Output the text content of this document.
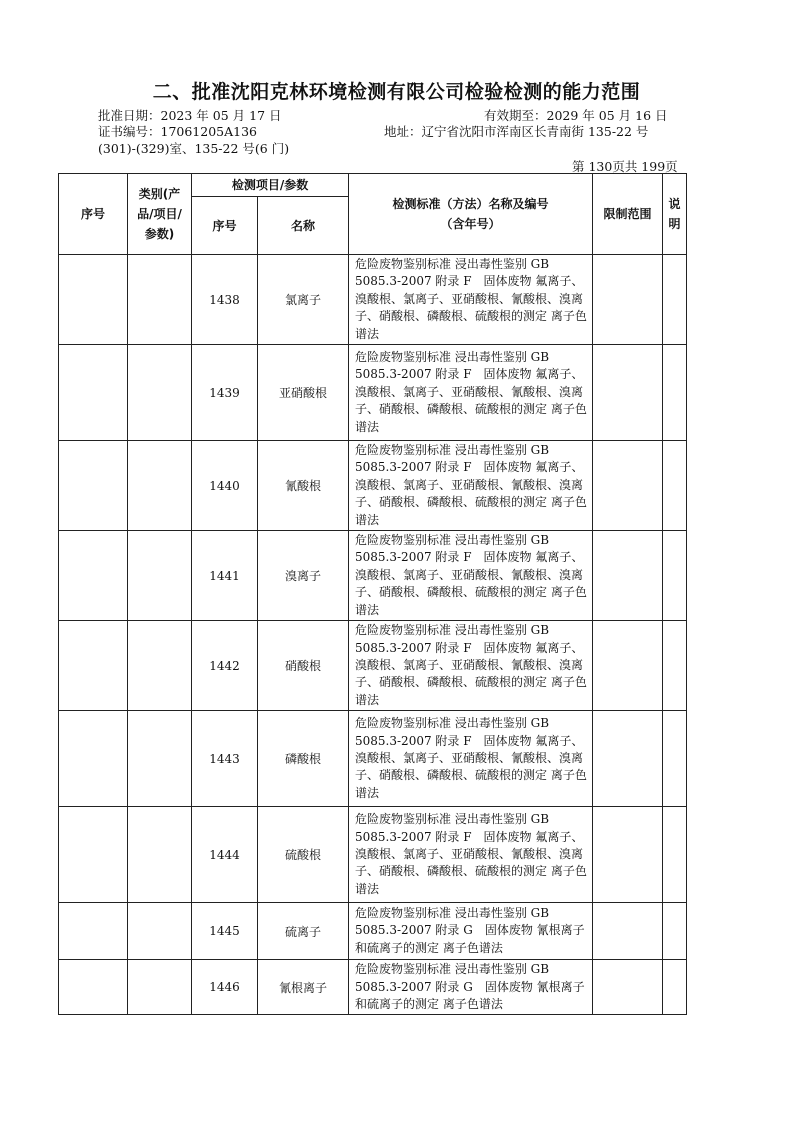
二、批准沈阳克林环境检测有限公司检验检测的能力范围
批准日期：2023 年 05 月 17 日	有效期至：2029 年 05 月 16 日
证书编号：17061205A136	地址：辽宁省沈阳市浑南区长青南街 135-22 号
(301)-(329)室、135-22 号(6 门)
第 130页共 199页
序号	类别(产品/项目/参数)	检测项目/参数		检测标准（方法）名称及编号（含年号）	限制范围	说明
		序号	名称			
		1438	氯离子	危险废物鉴别标准 浸出毒性鉴别 GB 5085.3-2007 附录 F　固体废物 氟离子、溴酸根、氯离子、亚硝酸根、氰酸根、溴离子、硝酸根、磷酸根、硫酸根的测定 离子色谱法		
		1439	亚硝酸根	危险废物鉴别标准 浸出毒性鉴别 GB 5085.3-2007 附录 F　固体废物 氟离子、溴酸根、氯离子、亚硝酸根、氰酸根、溴离子、硝酸根、磷酸根、硫酸根的测定 离子色谱法		
		1440	氰酸根	危险废物鉴别标准 浸出毒性鉴别 GB 5085.3-2007 附录 F　固体废物 氟离子、溴酸根、氯离子、亚硝酸根、氰酸根、溴离子、硝酸根、磷酸根、硫酸根的测定 离子色谱法		
		1441	溴离子	危险废物鉴别标准 浸出毒性鉴别 GB 5085.3-2007 附录 F　固体废物 氟离子、溴酸根、氯离子、亚硝酸根、氰酸根、溴离子、硝酸根、磷酸根、硫酸根的测定 离子色谱法		
		1442	硝酸根	危险废物鉴别标准 浸出毒性鉴别 GB 5085.3-2007 附录 F　固体废物 氟离子、溴酸根、氯离子、亚硝酸根、氰酸根、溴离子、硝酸根、磷酸根、硫酸根的测定 离子色谱法		
		1443	磷酸根	危险废物鉴别标准 浸出毒性鉴别 GB 5085.3-2007 附录 F　固体废物 氟离子、溴酸根、氯离子、亚硝酸根、氰酸根、溴离子、硝酸根、磷酸根、硫酸根的测定 离子色谱法		
		1444	硫酸根	危险废物鉴别标准 浸出毒性鉴别 GB 5085.3-2007 附录 F　固体废物 氟离子、溴酸根、氯离子、亚硝酸根、氰酸根、溴离子、硝酸根、磷酸根、硫酸根的测定 离子色谱法		
		1445	硫离子	危险废物鉴别标准 浸出毒性鉴别 GB 5085.3-2007 附录 G　固体废物 氰根离子和硫离子的测定 离子色谱法		
		1446	氰根离子	危险废物鉴别标准 浸出毒性鉴别 GB 5085.3-2007 附录 G　固体废物 氰根离子和硫离子的测定 离子色谱法		
